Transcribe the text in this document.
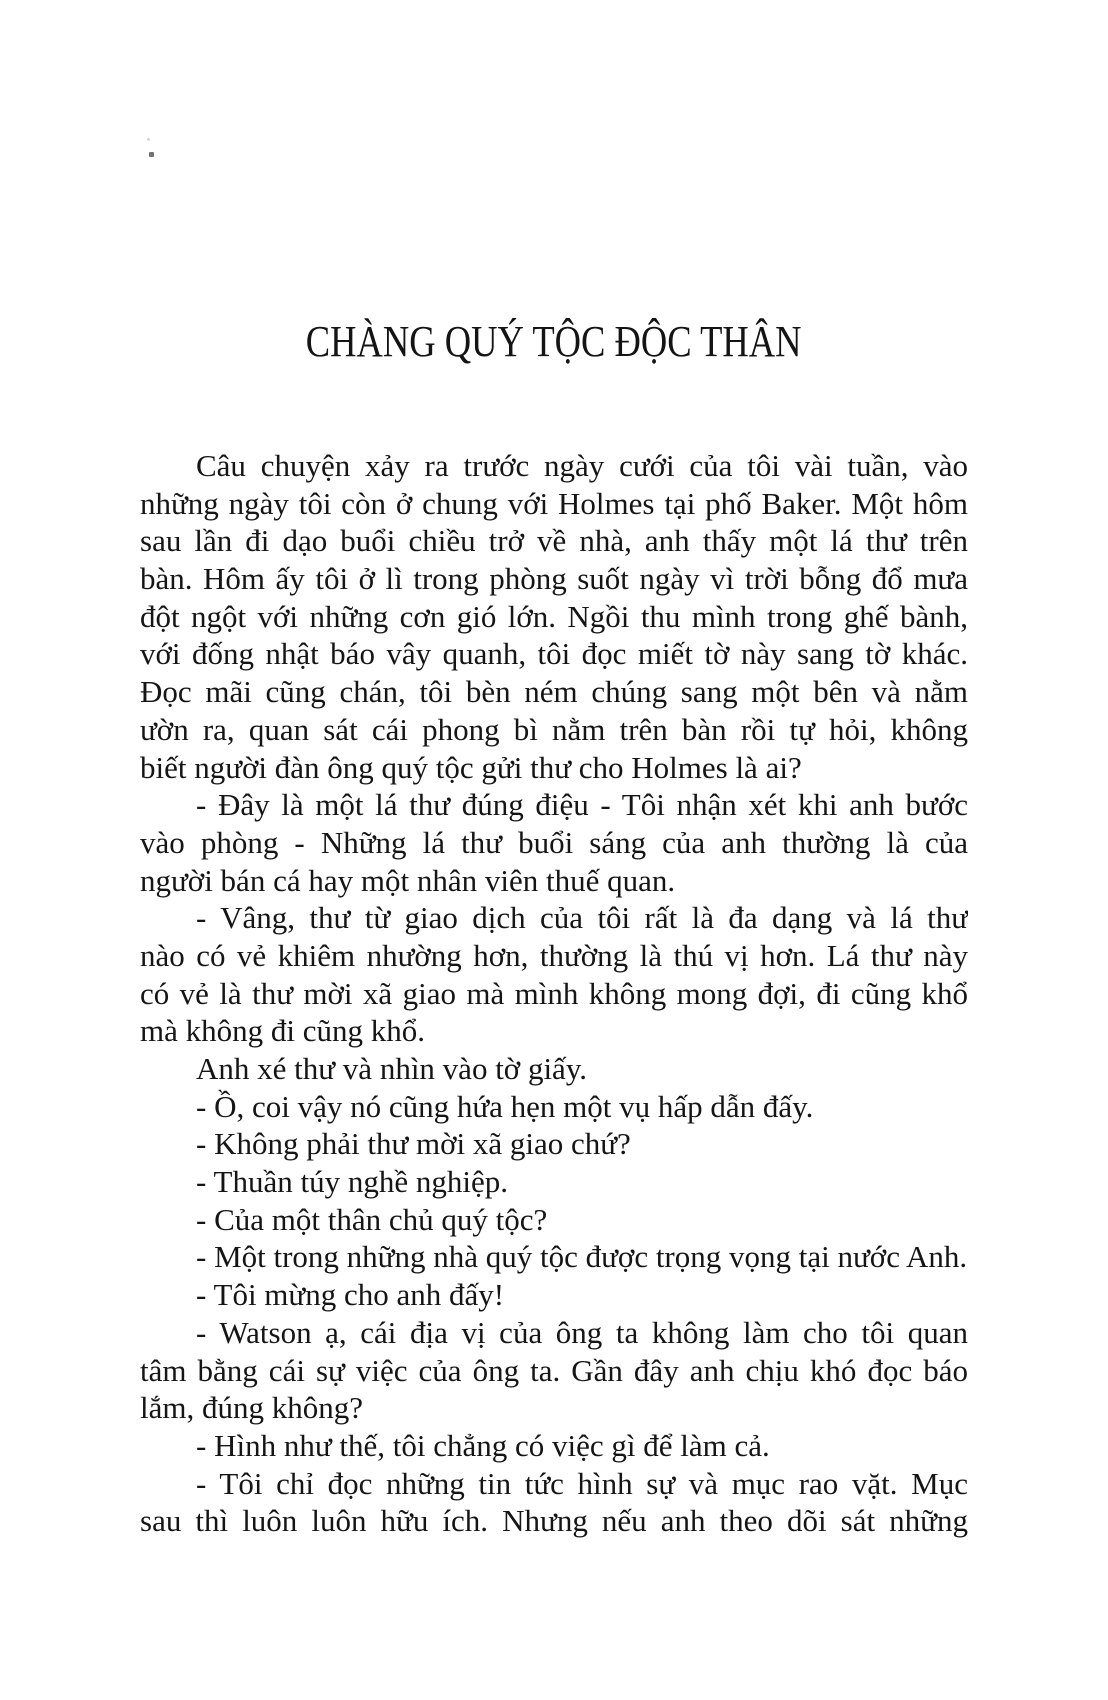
CHÀNG QUÝ TỘC ĐỘC THÂN
Câu chuyện xảy ra trước ngày cưới của tôi vài tuần, vào
những ngày tôi còn ở chung với Holmes tại phố Baker. Một hôm
sau lần đi dạo buổi chiều trở về nhà, anh thấy một lá thư trên
bàn. Hôm ấy tôi ở lì trong phòng suốt ngày vì trời bỗng đổ mưa
đột ngột với những cơn gió lớn. Ngồi thu mình trong ghế bành,
với đống nhật báo vây quanh, tôi đọc miết tờ này sang tờ khác.
Đọc mãi cũng chán, tôi bèn ném chúng sang một bên và nằm
ườn ra, quan sát cái phong bì nằm trên bàn rồi tự hỏi, không
biết người đàn ông quý tộc gửi thư cho Holmes là ai?
- Đây là một lá thư đúng điệu - Tôi nhận xét khi anh bước
vào phòng - Những lá thư buổi sáng của anh thường là của
người bán cá hay một nhân viên thuế quan.
- Vâng, thư từ giao dịch của tôi rất là đa dạng và lá thư
nào có vẻ khiêm nhường hơn, thường là thú vị hơn. Lá thư này
có vẻ là thư mời xã giao mà mình không mong đợi, đi cũng khổ
mà không đi cũng khổ.
Anh xé thư và nhìn vào tờ giấy.
- Ồ, coi vậy nó cũng hứa hẹn một vụ hấp dẫn đấy.
- Không phải thư mời xã giao chứ?
- Thuần túy nghề nghiệp.
- Của một thân chủ quý tộc?
- Một trong những nhà quý tộc được trọng vọng tại nước Anh.
- Tôi mừng cho anh đấy!
- Watson ạ, cái địa vị của ông ta không làm cho tôi quan
tâm bằng cái sự việc của ông ta. Gần đây anh chịu khó đọc báo
lắm, đúng không?
- Hình như thế, tôi chẳng có việc gì để làm cả.
- Tôi chỉ đọc những tin tức hình sự và mục rao vặt. Mục
sau thì luôn luôn hữu ích. Nhưng nếu anh theo dõi sát những
